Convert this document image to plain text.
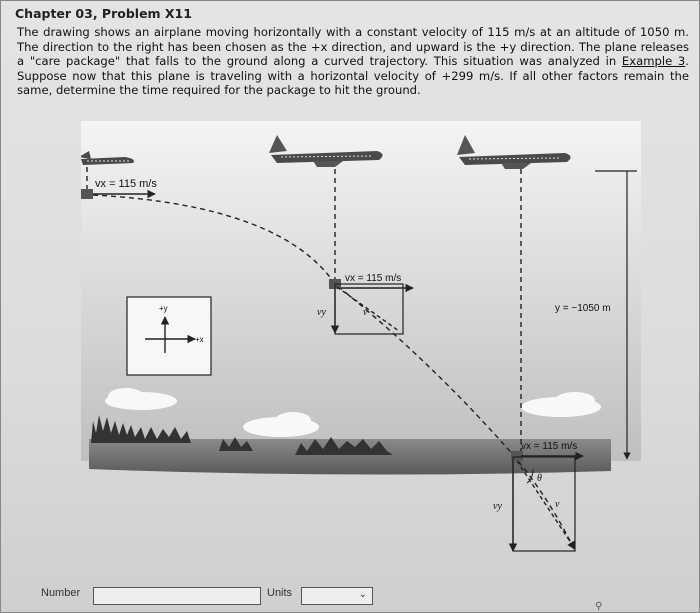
Chapter 03, Problem X11
The drawing shows an airplane moving horizontally with a constant velocity of 115 m/s at an altitude of 1050 m. The direction to the right has been chosen as the +x direction, and upward is the +y direction. The plane releases a "care package" that falls to the ground along a curved trajectory. This situation was analyzed in Example 3. Suppose now that this plane is traveling with a horizontal velocity of +299 m/s. If all other factors remain the same, determine the time required for the package to hit the ground.
vx = 115 m/s
vx = 115 m/s
vy	v	y = −1050 m
+y
+x
θ
vx = 115 m/s
vy	v
Number	Units	⌄
⚲
